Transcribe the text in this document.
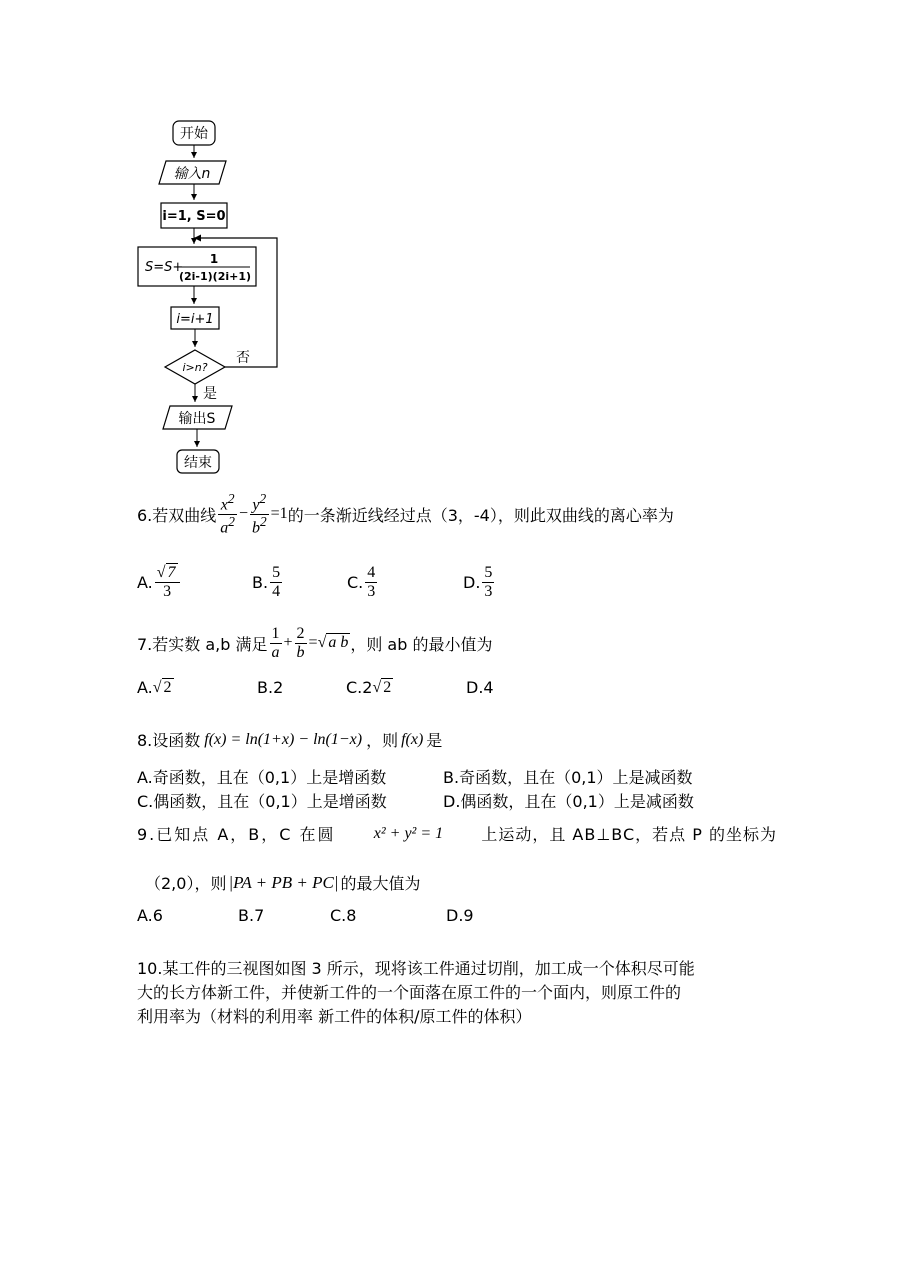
开始
输入n
i=1, S=0
S=S+
1
(2i-1)(2i+1)
i=i+1
i>n?
否
是
输出S
结束
6.若双曲线 $\frac{x^2}{a^2} - \frac{y^2}{b^2} =1$ 的一条渐近线经过点（3，-4），则此双曲线的离心率为
A. $\frac{√ 7}{3}$	B. $\frac{5}{4}$	C. $\frac{4}{3}$	D. $\frac{5}{3}$
7.若实数 a,b 满足 $\frac{1}{a} + \frac{2}{b}$ = √ a b ，则 ab 的最小值为
A. √ 2	B.2	C.2 √ 2	D.4
8.设函数 f(x) = ln(1+x) − ln(1−x) ，则 f(x) 是
A.奇函数，且在（0,1）上是增函数	B.奇函数，且在（0,1）上是减函数
C.偶函数，且在（0,1）上是增函数	D.偶函数，且在（0,1）上是减函数
9.已知点 A，B，C 在圆 x² + y² = 1 上运动，且 AB⊥BC，若点 P 的坐标为
（2,0），则 |PA + PB + PC| 的最大值为
A.6	B.7	C.8	D.9
10.某工件的三视图如图 3 所示，现将该工件通过切削，加工成一个体积尽可能
大的长方体新工件，并使新工件的一个面落在原工件的一个面内，则原工件的
利用率为（材料的利用率 新工件的体积/原工件的体积）
